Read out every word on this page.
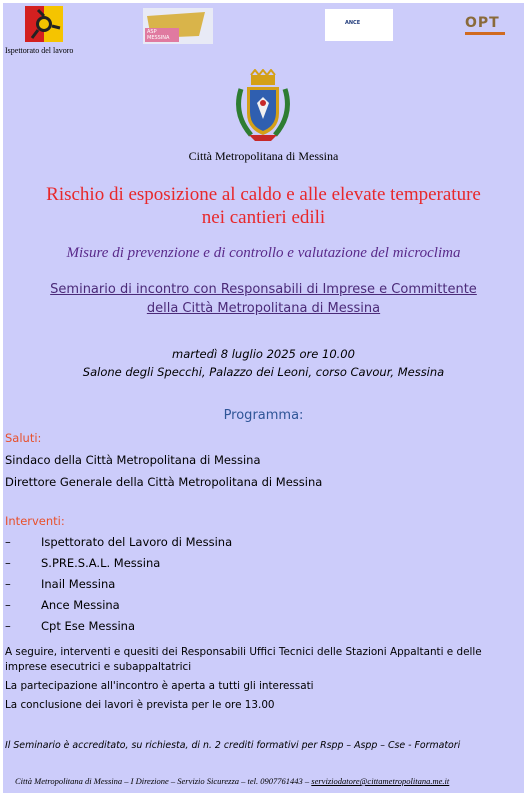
Ispettorato del lavoro
ASP
MESSINA
ANCE	OPT
Città Metropolitana di Messina
Rischio di esposizione al caldo e alle elevate temperature
nei cantieri edili
Misure di prevenzione e di controllo e valutazione del microclima
Seminario di incontro con Responsabili di Imprese e Committente
della Città Metropolitana di Messina
martedì 8 luglio 2025 ore 10.00
Salone degli Specchi, Palazzo dei Leoni, corso Cavour, Messina
Programma:
Saluti:
Sindaco della Città Metropolitana di Messina
Direttore Generale della Città Metropolitana di Messina
Interventi:
–	Ispettorato del Lavoro di Messina
–	S.PRE.S.A.L. Messina
–	Inail Messina
–	Ance Messina
–	Cpt Ese Messina
A seguire, interventi e quesiti dei Responsabili Uffici Tecnici delle Stazioni Appaltanti e delle
imprese esecutrici e subappaltatrici
La partecipazione all'incontro è aperta a tutti gli interessati
La conclusione dei lavori è prevista per le ore 13.00
Il Seminario è accreditato, su richiesta, di n. 2 crediti formativi per Rspp – Aspp – Cse - Formatori
Città Metropolitana di Messina – I Direzione – Servizio Sicurezza – tel. 0907761443 – serviziodatore@cittametropolitana.me.it
